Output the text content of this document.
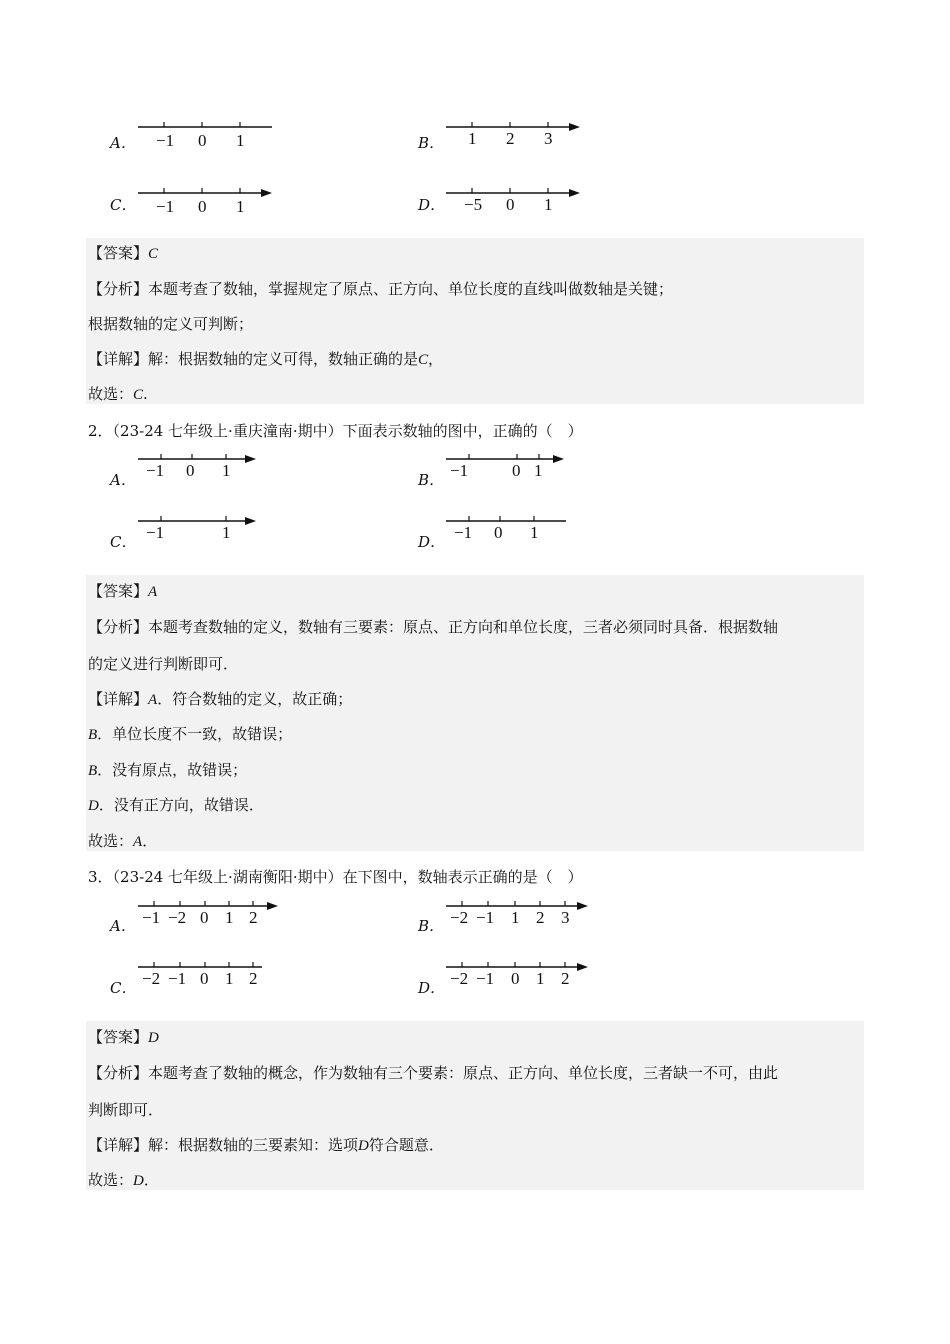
A． −1 0 1	B． 1 2 3
C． −1 0 1	D． −5 0 1
【答案】C
【分析】本题考查了数轴，掌握规定了原点、正方向、单位长度的直线叫做数轴是关键；
根据数轴的定义可判断；
【详解】解：根据数轴的定义可得，数轴正确的是C，
故选：C.
2．（23-24 七年级上·重庆潼南·期中）下面表示数轴的图中，正确的（　）
A． −1 0 1	B． −1	0 1
C． −1	1	D． −1 0 1
【答案】A
【分析】本题考查数轴的定义，数轴有三要素：原点、正方向和单位长度，三者必须同时具备．根据数轴
的定义进行判断即可．
【详解】A．符合数轴的定义，故正确；
B．单位长度不一致，故错误；
B．没有原点，故错误；
D．没有正方向，故错误．
故选：A．
3．（23-24 七年级上·湖南衡阳·期中）在下图中，数轴表示正确的是（　）
A． −1 −2 0 1 2	B． −2 −1 1 2 3
C． −2 −1 0 1 2	D． −2 −1 0 1 2
【答案】D
【分析】本题考查了数轴的概念，作为数轴有三个要素：原点、正方向、单位长度，三者缺一不可，由此
判断即可．
【详解】解：根据数轴的三要素知：选项D符合题意．
故选：D．
